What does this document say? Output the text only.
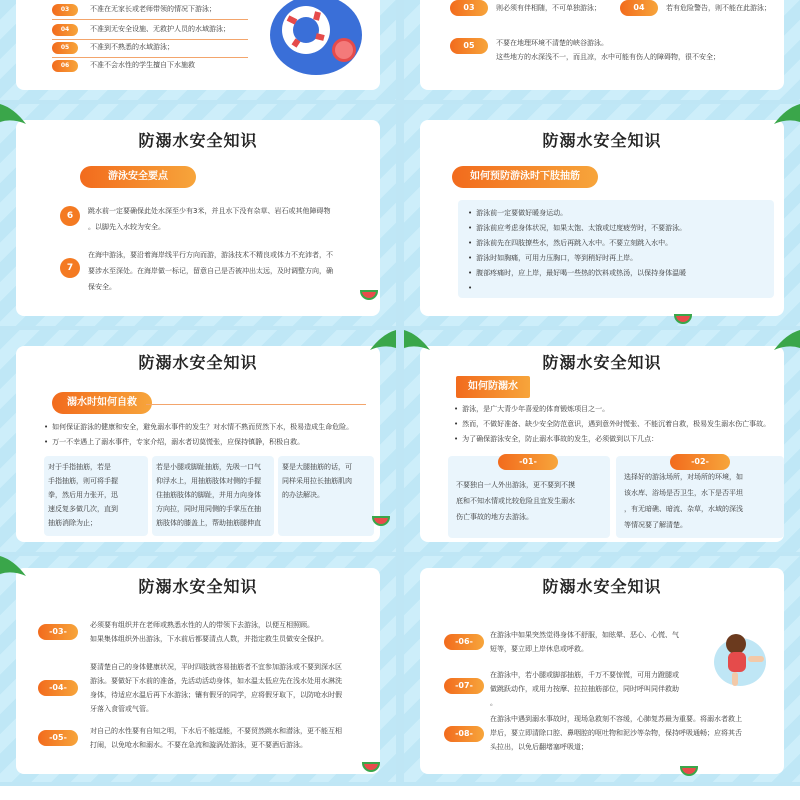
03	不准在无家长或老师带领的情况下游泳；
04	不准到无安全设施、无救护人员的水域游泳；
05	不准到不熟悉的水域游泳；
06	不准不会水性的学生擅自下水施救
03	则必须有伴相随，不可单独游泳；	04	若有危险警告，则不能在此游泳；
05	不要在地理环境不清楚的峡谷游泳。
这些地方的水深浅不一，而且凉，水中可能有伤人的障碍物，很不安全；
防溺水安全知识
游泳安全要点
6	跳水前一定要确保此处水深至少有3米，并且水下没有杂草、岩石或其他障碍物
。以脚先入水较为安全。
7
在海中游泳，要沿着海岸线平行方向而游，游泳技术不精良或体力不充沛者，不
要涉水至深处。在海岸做一标记，留意自己是否被冲出太远，及时调整方向，确
保安全。
防溺水安全知识
如何预防游泳时下肢抽筋
• 游泳前一定要做好暖身运动。
• 游泳前应考虑身体状况，如果太饱、太饿或过度疲劳时，不要游泳。
• 游泳前先在四肢撩些水，然后再跳入水中。不要立刻跳入水中。
• 游泳时如胸痛，可用力压胸口，等到稍好时再上岸。
• 腹部疼痛时，应上岸，最好喝一些热的饮料或热汤，以保持身体温暖
•
防溺水安全知识
溺水时如何自救
• 如何保证游泳的健康和安全，避免溺水事件的发生？对水情不熟而贸然下水，极易造成生命危险。
• 万一不幸遇上了溺水事件，专家介绍，溺水者切莫慌张，应保持镇静，积极自救。
对于手指抽筋，若是
手指抽筋，则可将手握
拳，然后用力张开，迅
速反复多做几次，直到
抽筋消除为止；
若是小腿或脚趾抽筋，先吸一口气
仰浮水上，用抽筋肢体对侧的手握
住抽筋肢体的脚趾，并用力向身体
方向拉，同时用同侧的手掌压在抽
筋肢体的膝盖上，帮助抽筋腿伸直
要是大腿抽筋的话，可
同样采用拉长抽筋肌肉
的办法解决。
防溺水安全知识
如何防溺水
• 游泳，是广大青少年喜爱的体育锻炼项目之一。
• 然而，不做好准备、缺少安全防范意识，遇到意外时慌张、不能沉着自救，极易发生溺水伤亡事故。
• 为了确保游泳安全，防止溺水事故的发生，必须做到以下几点：
-01-
不要独自一人外出游泳，更不要到不摸
底和不知水情或比较危险且宜发生溺水
伤亡事故的地方去游泳。
-02-
选择好的游泳场所，对场所的环境，如
该水库、浴场是否卫生，水下是否平坦
，有无暗礁、暗流、杂草，水域的深浅
等情况要了解清楚。
防溺水安全知识
-03-
必须要有组织并在老师或熟悉水性的人的带领下去游泳，以便互相照顾。
如果集体组织外出游泳，下水前后都要清点人数，并指定救生员做安全保护。
-04-
要清楚自己的身体健康状况，平时四肢就容易抽筋者不宜参加游泳或不要到深水区
游泳。要做好下水前的准备，先活动活动身体，如水温太低应先在浅水处用水淋洗
身体，待适应水温后再下水游泳；镶有假牙的同学，应将假牙取下，以防呛水时假
牙落入食管或气管。
-05-
对自己的水性要有自知之明，下水后不能逞能，不要贸然跳水和潜泳，更不能互相
打闹，以免呛水和溺水。不要在急流和漩涡处游泳，更不要酒后游泳。
防溺水安全知识
-06-
在游泳中如果突然觉得身体不舒服，如眩晕、恶心、心慌、气
短等，要立即上岸休息或呼救。
-07-
在游泳中，若小腿或脚部抽筋，千万不要惊慌，可用力蹬腿或
做跳跃动作，或用力按摩、拉拉抽筋部位，同时呼叫同伴救助
。
-08-
在游泳中遇到溺水事故时，现场急救刻不容缓，心肺复苏最为重要。将溺水者救上
岸后，要立即清除口腔、鼻咽腔的呕吐物和泥沙等杂物，保持呼吸通畅；应将其舌
头拉出，以免后翻堵塞呼吸道；
